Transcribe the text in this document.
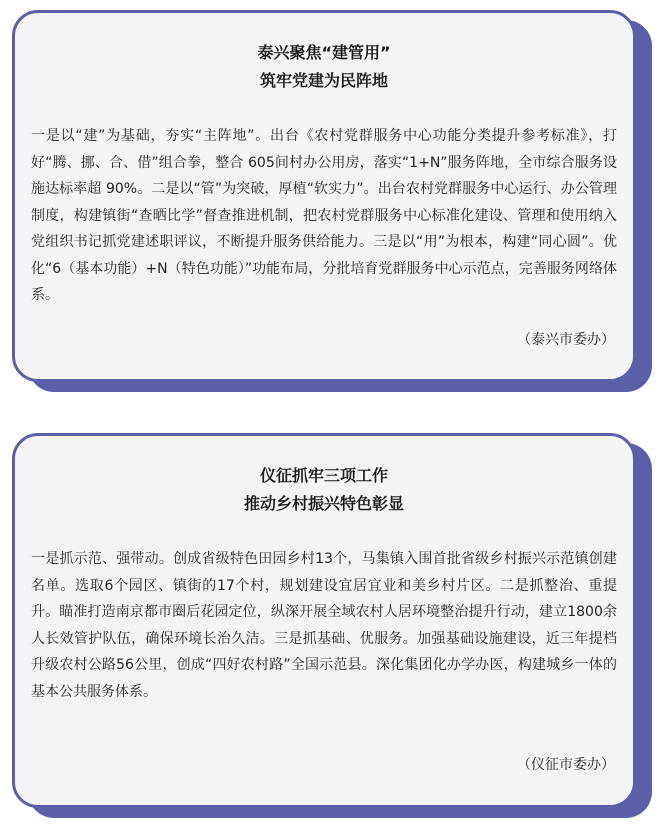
泰兴聚焦“建管用”
筑牢党建为民阵地
一是以“建”为基础，夯实“主阵地”。出台《农村党群服务中心功能分类提升参考标准》，打好“腾、挪、合、借”组合拳，整合 605间村办公用房，落实“1+N”服务阵地，全市综合服务设施达标率超 90%。二是以“管”为突破，厚植“软实力”。出台农村党群服务中心运行、办公管理制度，构建镇街“查晒比学”督查推进机制，把农村党群服务中心标准化建设、管理和使用纳入党组织书记抓党建述职评议，不断提升服务供给能力。三是以“用”为根本，构建“同心圆”。优化“6（基本功能）+N（特色功能）”功能布局，分批培育党群服务中心示范点，完善服务网络体系。
（泰兴市委办）
仪征抓牢三项工作
推动乡村振兴特色彰显
一是抓示范、强带动。创成省级特色田园乡村13个，马集镇入围首批省级乡村振兴示范镇创建名单。选取6个园区、镇街的17个村，规划建设宜居宜业和美乡村片区。二是抓整治、重提升。瞄准打造南京都市圈后花园定位，纵深开展全域农村人居环境整治提升行动，建立1800余人长效管护队伍，确保环境长治久洁。三是抓基础、优服务。加强基础设施建设，近三年提档升级农村公路56公里，创成“四好农村路”全国示范县。深化集团化办学办医，构建城乡一体的基本公共服务体系。
（仪征市委办）
